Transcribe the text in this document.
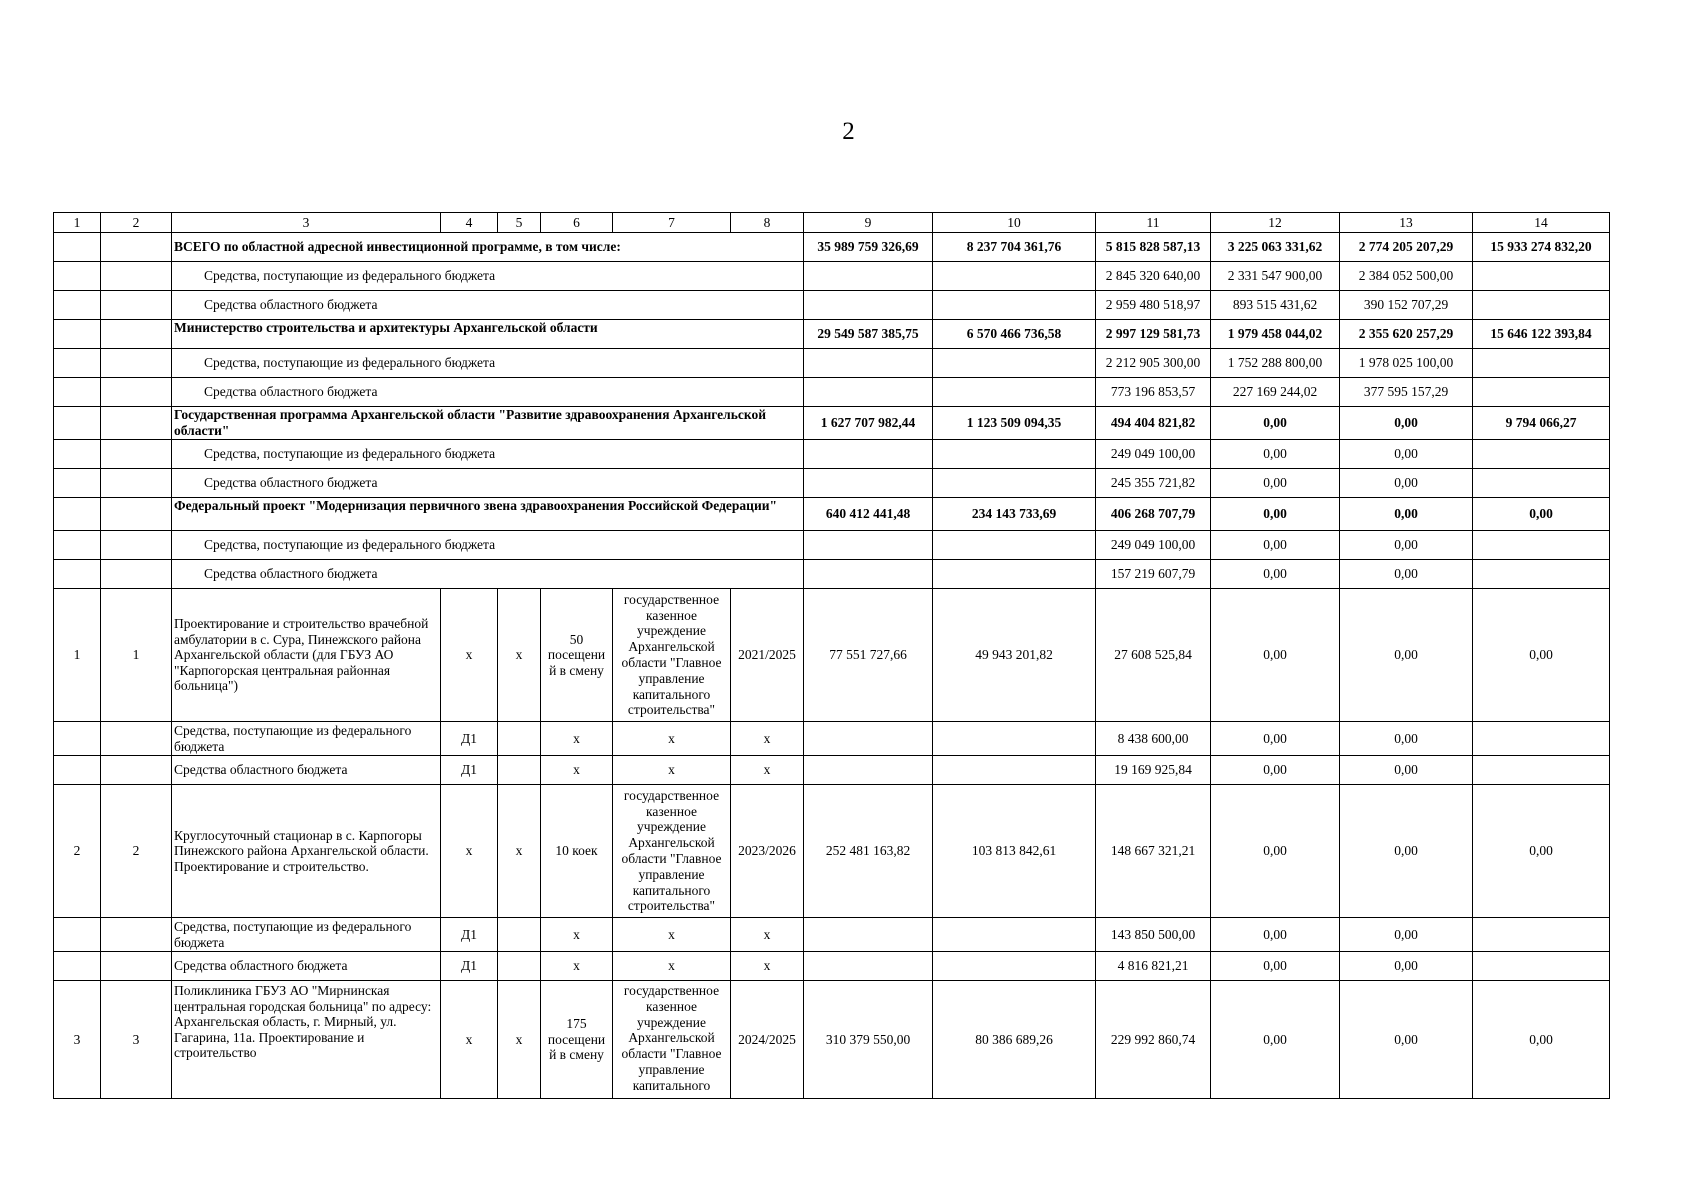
2
1	2	3	4	5	6	7	8	9	10	11	12	13	14
		ВСЕГО по областной адресной инвестиционной программе, в том числе:						35 989 759 326,69	8 237 704 361,76	5 815 828 587,13	3 225 063 331,62	2 774 205 207,29	15 933 274 832,20
		Средства, поступающие из федерального бюджета								2 845 320 640,00	2 331 547 900,00	2 384 052 500,00	
		Средства областного бюджета								2 959 480 518,97	893 515 431,62	390 152 707,29	
		Министерство строительства и архитектуры Архангельской области						29 549 587 385,75	6 570 466 736,58	2 997 129 581,73	1 979 458 044,02	2 355 620 257,29	15 646 122 393,84
		Средства, поступающие из федерального бюджета								2 212 905 300,00	1 752 288 800,00	1 978 025 100,00	
		Средства областного бюджета								773 196 853,57	227 169 244,02	377 595 157,29	
		Государственная программа Архангельской области "Развитие здравоохранения Архангельской области"						1 627 707 982,44	1 123 509 094,35	494 404 821,82	0,00	0,00	9 794 066,27
		Средства, поступающие из федерального бюджета								249 049 100,00	0,00	0,00	
		Средства областного бюджета								245 355 721,82	0,00	0,00	
		Федеральный проект "Модернизация первичного звена здравоохранения Российской Федерации"						640 412 441,48	234 143 733,69	406 268 707,79	0,00	0,00	0,00
		Средства, поступающие из федерального бюджета								249 049 100,00	0,00	0,00	
		Средства областного бюджета								157 219 607,79	0,00	0,00	
1	1	Проектирование и строительство врачебной амбулатории в с. Сура, Пинежского района Архангельской области (для ГБУЗ АО "Карпогорская центральная районная больница")	х	х	50 посещени й в смену	государственное казенное учреждение Архангельской области "Главное управление капитального строительства"	2021/2025	77 551 727,66	49 943 201,82	27 608 525,84	0,00	0,00	0,00
		Средства, поступающие из федерального бюджета	Д1		х	х	х			8 438 600,00	0,00	0,00	
		Средства областного бюджета	Д1		х	х	х			19 169 925,84	0,00	0,00	
2	2	Круглосуточный стационар в с. Карпогоры Пинежского района Архангельской области. Проектирование и строительство.	х	х	10 коек	государственное казенное учреждение Архангельской области "Главное управление капитального строительства"	2023/2026	252 481 163,82	103 813 842,61	148 667 321,21	0,00	0,00	0,00
		Средства, поступающие из федерального бюджета	Д1		х	х	х			143 850 500,00	0,00	0,00	
		Средства областного бюджета	Д1		х	х	х			4 816 821,21	0,00	0,00	
3	3	Поликлиника ГБУЗ АО "Мирнинская центральная городская больница" по адресу: Архангельская область, г. Мирный, ул. Гагарина, 11а. Проектирование и строительство	х	х	175 посещени й в смену	государственное казенное учреждение Архангельской области "Главное управление капитального	2024/2025	310 379 550,00	80 386 689,26	229 992 860,74	0,00	0,00	0,00
